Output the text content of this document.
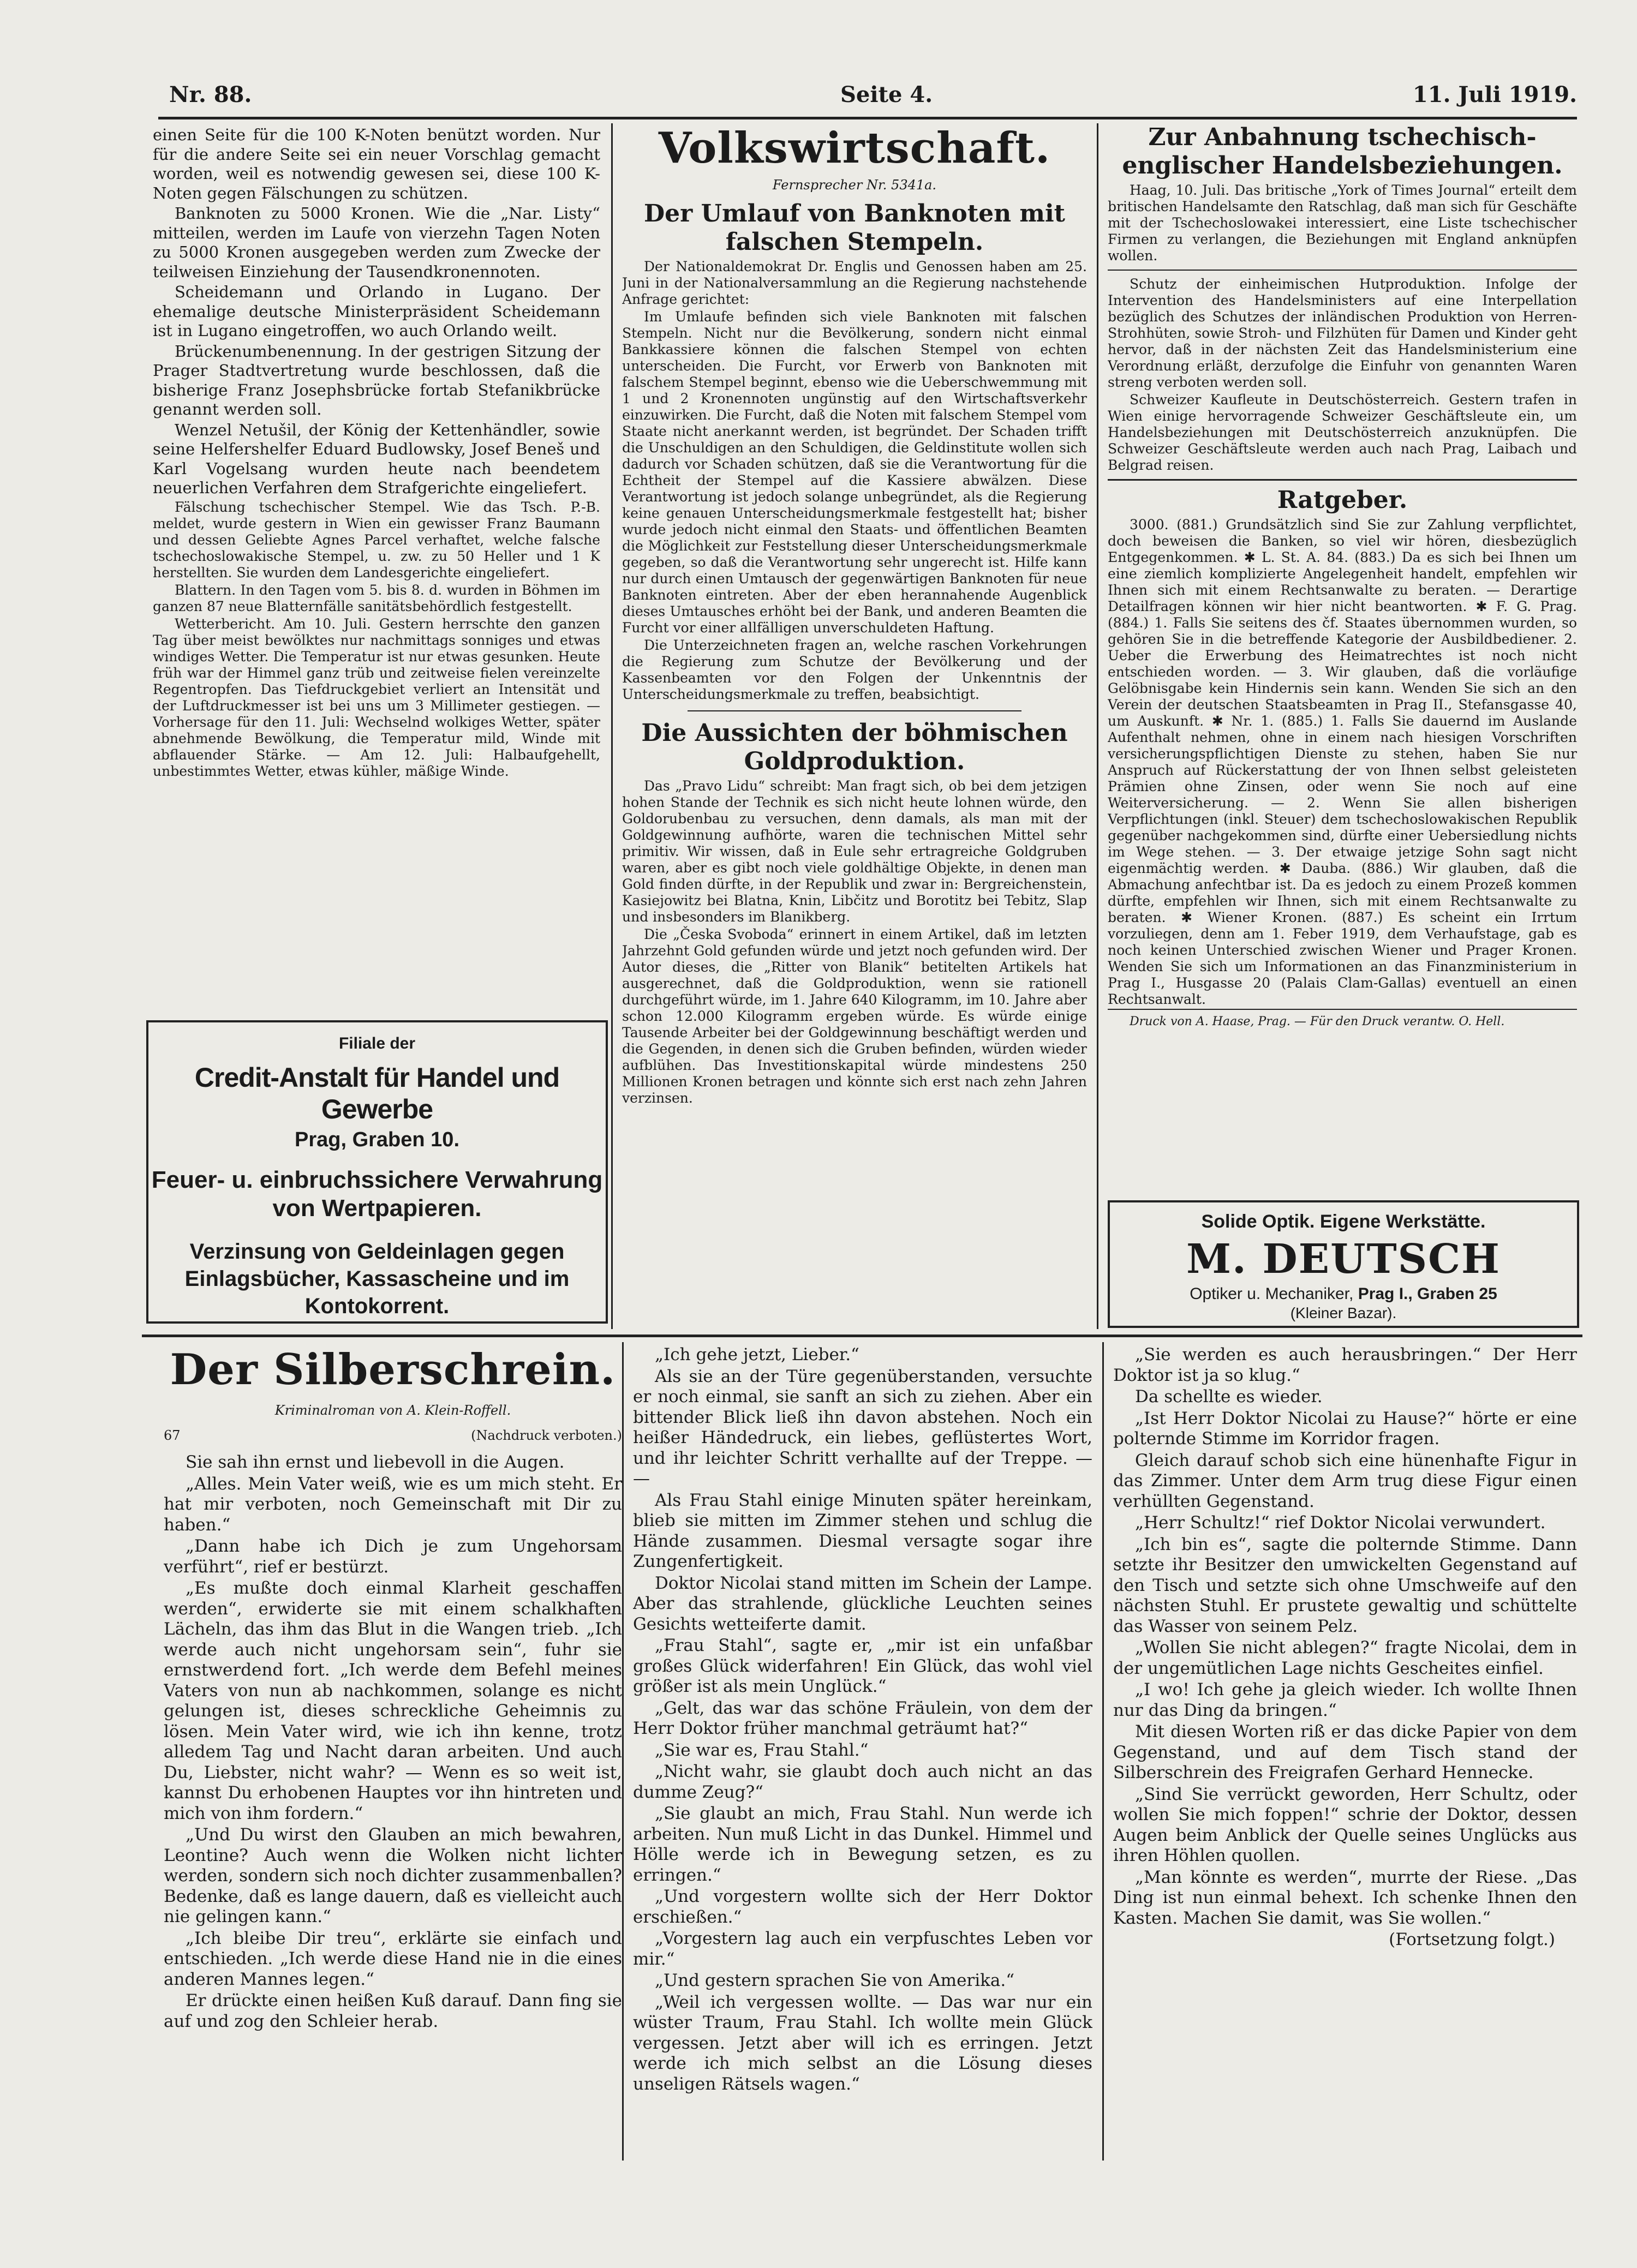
Nr. 88.	Seite 4.	11. Juli 1919.

einen Seite für die 100 K-Noten benützt worden. Nur für die andere Seite sei ein neuer Vorschlag gemacht worden, weil es notwendig gewesen sei, diese 100 K-Noten gegen Fälschungen zu schützen.

Banknoten zu 5000 Kronen. Wie die „Nar. Listy“ mitteilen, werden im Laufe von vierzehn Tagen Noten zu 5000 Kronen ausgegeben werden zum Zwecke der teilweisen Einziehung der Tausendkronennoten.

Scheidemann und Orlando in Lugano. Der ehemalige deutsche Ministerpräsident Scheidemann ist in Lugano eingetroffen, wo auch Orlando weilt.

Brückenumbenennung. In der gestrigen Sitzung der Prager Stadtvertretung wurde beschlossen, daß die bisherige Franz Josephsbrücke fortab Stefanikbrücke genannt werden soll.

Wenzel Netušil, der König der Kettenhändler, sowie seine Helfershelfer Eduard Budlowsky, Josef Beneš und Karl Vogelsang wurden heute nach beendetem neuerlichen Verfahren dem Strafgerichte eingeliefert.

Fälschung tschechischer Stempel. Wie das Tsch. P.-B. meldet, wurde gestern in Wien ein gewisser Franz Baumann und dessen Geliebte Agnes Parcel verhaftet, welche falsche tschechoslowakische Stempel, u. zw. zu 50 Heller und 1 K herstellten. Sie wurden dem Landesgerichte eingeliefert.

Blattern. In den Tagen vom 5. bis 8. d. wurden in Böhmen im ganzen 87 neue Blatternfälle sanitätsbehördlich festgestellt.

Wetterbericht. Am 10. Juli. Gestern herrschte den ganzen Tag über meist bewölktes nur nachmittags sonniges und etwas windiges Wetter. Die Temperatur ist nur etwas gesunken. Heute früh war der Himmel ganz trüb und zeitweise fielen vereinzelte Regentropfen. Das Tiefdruckgebiet verliert an Intensität und der Luftdruckmesser ist bei uns um 3 Millimeter gestiegen. — Vorhersage für den 11. Juli: Wechselnd wolkiges Wetter, später abnehmende Bewölkung, die Temperatur mild, Winde mit abflauender Stärke. — Am 12. Juli: Halbaufgehellt, unbestimmtes Wetter, etwas kühler, mäßige Winde.

Filiale der
Credit-Anstalt für Handel und Gewerbe
Prag, Graben 10.
Feuer- u. einbruchssichere Verwahrung von Wertpapieren.
Verzinsung von Geldeinlagen gegen Einlagsbücher, Kassascheine und im Kontokorrent.
Volkswirtschaft.
Fernsprecher Nr. 5341a.
Der Umlauf von Banknoten mit falschen Stempeln.

Der Nationaldemokrat Dr. Englis und Genossen haben am 25. Juni in der Nationalversammlung an die Regierung nachstehende Anfrage gerichtet:

Im Umlaufe befinden sich viele Banknoten mit falschen Stempeln. Nicht nur die Bevölkerung, sondern nicht einmal Bankkassiere können die falschen Stempel von echten unterscheiden. Die Furcht, vor Erwerb von Banknoten mit falschem Stempel beginnt, ebenso wie die Ueberschwemmung mit 1 und 2 Kronennoten ungünstig auf den Wirtschaftsverkehr einzuwirken. Die Furcht, daß die Noten mit falschem Stempel vom Staate nicht anerkannt werden, ist begründet. Der Schaden trifft die Unschuldigen an den Schuldigen, die Geldinstitute wollen sich dadurch vor Schaden schützen, daß sie die Verantwortung für die Echtheit der Stempel auf die Kassiere abwälzen. Diese Verantwortung ist jedoch solange unbegründet, als die Regierung keine genauen Unterscheidungsmerkmale festgestellt hat; bisher wurde jedoch nicht einmal den Staats- und öffentlichen Beamten die Möglichkeit zur Feststellung dieser Unterscheidungsmerkmale gegeben, so daß die Verantwortung sehr ungerecht ist. Hilfe kann nur durch einen Umtausch der gegenwärtigen Banknoten für neue Banknoten eintreten. Aber der eben herannahende Augenblick dieses Umtausches erhöht bei der Bank, und anderen Beamten die Furcht vor einer allfälligen unverschuldeten Haftung.

Die Unterzeichneten fragen an, welche raschen Vorkehrungen die Regierung zum Schutze der Bevölkerung und der Kassenbeamten vor den Folgen der Unkenntnis der Unterscheidungsmerkmale zu treffen, beabsichtigt.

Die Aussichten der böhmischen Goldproduktion.

Das „Pravo Lidu“ schreibt: Man fragt sich, ob bei dem jetzigen hohen Stande der Technik es sich nicht heute lohnen würde, den Goldorubenbau zu versuchen, denn damals, als man mit der Goldgewinnung aufhörte, waren die technischen Mittel sehr primitiv. Wir wissen, daß in Eule sehr ertragreiche Goldgruben waren, aber es gibt noch viele goldhältige Objekte, in denen man Gold finden dürfte, in der Republik und zwar in: Bergreichenstein, Kasiejowitz bei Blatna, Knin, Libčitz und Borotitz bei Tebitz, Slap und insbesonders im Blanikberg.

Die „Česka Svoboda“ erinnert in einem Artikel, daß im letzten Jahrzehnt Gold gefunden würde und jetzt noch gefunden wird. Der Autor dieses, die „Ritter von Blanik“ betitelten Artikels hat ausgerechnet, daß die Goldproduktion, wenn sie rationell durchgeführt würde, im 1. Jahre 640 Kilogramm, im 10. Jahre aber schon 12.000 Kilogramm ergeben würde. Es würde einige Tausende Arbeiter bei der Goldgewinnung beschäftigt werden und die Gegenden, in denen sich die Gruben befinden, würden wieder aufblühen. Das Investitionskapital würde mindestens 250 Millionen Kronen betragen und könnte sich erst nach zehn Jahren verzinsen.

Zur Anbahnung tschechisch-englischer Handelsbeziehungen.

Haag, 10. Juli. Das britische „York of Times Journal“ erteilt dem britischen Handelsamte den Ratschlag, daß man sich für Geschäfte mit der Tschechoslowakei interessiert, eine Liste tschechischer Firmen zu verlangen, die Beziehungen mit England anknüpfen wollen.

Schutz der einheimischen Hutproduktion. Infolge der Intervention des Handelsministers auf eine Interpellation bezüglich des Schutzes der inländischen Produktion von Herren-Strohhüten, sowie Stroh- und Filzhüten für Damen und Kinder geht hervor, daß in der nächsten Zeit das Handelsministerium eine Verordnung erläßt, derzufolge die Einfuhr von genannten Waren streng verboten werden soll.

Schweizer Kaufleute in Deutschösterreich. Gestern trafen in Wien einige hervorragende Schweizer Geschäftsleute ein, um Handelsbeziehungen mit Deutschösterreich anzuknüpfen. Die Schweizer Geschäftsleute werden auch nach Prag, Laibach und Belgrad reisen.

Ratgeber.

3000. (881.) Grundsätzlich sind Sie zur Zahlung verpflichtet, doch beweisen die Banken, so viel wir hören, diesbezüglich Entgegenkommen. ✱ L. St. A. 84. (883.) Da es sich bei Ihnen um eine ziemlich komplizierte Angelegenheit handelt, empfehlen wir Ihnen sich mit einem Rechtsanwalte zu beraten. — Derartige Detailfragen können wir hier nicht beantworten. ✱ F. G. Prag. (884.) 1. Falls Sie seitens des čf. Staates übernommen wurden, so gehören Sie in die betreffende Kategorie der Ausbildbediener. 2. Ueber die Erwerbung des Heimatrechtes ist noch nicht entschieden worden. — 3. Wir glauben, daß die vorläufige Gelöbnisgabe kein Hindernis sein kann. Wenden Sie sich an den Verein der deutschen Staatsbeamten in Prag II., Stefansgasse 40, um Auskunft. ✱ Nr. 1. (885.) 1. Falls Sie dauernd im Auslande Aufenthalt nehmen, ohne in einem nach hiesigen Vorschriften versicherungspflichtigen Dienste zu stehen, haben Sie nur Anspruch auf Rückerstattung der von Ihnen selbst geleisteten Prämien ohne Zinsen, oder wenn Sie noch auf eine Weiterversicherung. — 2. Wenn Sie allen bisherigen Verpflichtungen (inkl. Steuer) dem tschechoslowakischen Republik gegenüber nachgekommen sind, dürfte einer Uebersiedlung nichts im Wege stehen. — 3. Der etwaige jetzige Sohn sagt nicht eigenmächtig werden. ✱ Dauba. (886.) Wir glauben, daß die Abmachung anfechtbar ist. Da es jedoch zu einem Prozeß kommen dürfte, empfehlen wir Ihnen, sich mit einem Rechtsanwalte zu beraten. ✱ Wiener Kronen. (887.) Es scheint ein Irrtum vorzuliegen, denn am 1. Feber 1919, dem Verhaufstage, gab es noch keinen Unterschied zwischen Wiener und Prager Kronen. Wenden Sie sich um Informationen an das Finanzministerium in Prag I., Husgasse 20 (Palais Clam-Gallas) eventuell an einen Rechtsanwalt.

Druck von A. Haase, Prag. — Für den Druck verantw. O. Hell.

Solide Optik. Eigene Werkstätte.
M. DEUTSCH
Optiker u. Mechaniker, Prag I., Graben 25
(Kleiner Bazar).
Der Silberschrein.
Kriminalroman von A. Klein-Roffell.
67	(Nachdruck verboten.)

Sie sah ihn ernst und liebevoll in die Augen.

„Alles. Mein Vater weiß, wie es um mich steht. Er hat mir verboten, noch Gemeinschaft mit Dir zu haben.“

„Dann habe ich Dich je zum Ungehorsam verführt“, rief er bestürzt.

„Es mußte doch einmal Klarheit geschaffen werden“, erwiderte sie mit einem schalkhaften Lächeln, das ihm das Blut in die Wangen trieb. „Ich werde auch nicht ungehorsam sein“, fuhr sie ernstwerdend fort. „Ich werde dem Befehl meines Vaters von nun ab nachkommen, solange es nicht gelungen ist, dieses schreckliche Geheimnis zu lösen. Mein Vater wird, wie ich ihn kenne, trotz alledem Tag und Nacht daran arbeiten. Und auch Du, Liebster, nicht wahr? — Wenn es so weit ist, kannst Du erhobenen Hauptes vor ihn hintreten und mich von ihm fordern.“

„Und Du wirst den Glauben an mich bewahren, Leontine? Auch wenn die Wolken nicht lichter werden, sondern sich noch dichter zusammenballen? Bedenke, daß es lange dauern, daß es vielleicht auch nie gelingen kann.“

„Ich bleibe Dir treu“, erklärte sie einfach und entschieden. „Ich werde diese Hand nie in die eines anderen Mannes legen.“

Er drückte einen heißen Kuß darauf. Dann fing sie auf und zog den Schleier herab.

„Ich gehe jetzt, Lieber.“

Als sie an der Türe gegenüberstanden, versuchte er noch einmal, sie sanft an sich zu ziehen. Aber ein bittender Blick ließ ihn davon abstehen. Noch ein heißer Händedruck, ein liebes, geflüstertes Wort, und ihr leichter Schritt verhallte auf der Treppe. — —

Als Frau Stahl einige Minuten später hereinkam, blieb sie mitten im Zimmer stehen und schlug die Hände zusammen. Diesmal versagte sogar ihre Zungenfertigkeit.

Doktor Nicolai stand mitten im Schein der Lampe. Aber das strahlende, glückliche Leuchten seines Gesichts wetteiferte damit.

„Frau Stahl“, sagte er, „mir ist ein unfaßbar großes Glück widerfahren! Ein Glück, das wohl viel größer ist als mein Unglück.“

„Gelt, das war das schöne Fräulein, von dem der Herr Doktor früher manchmal geträumt hat?“

„Sie war es, Frau Stahl.“

„Nicht wahr, sie glaubt doch auch nicht an das dumme Zeug?“

„Sie glaubt an mich, Frau Stahl. Nun werde ich arbeiten. Nun muß Licht in das Dunkel. Himmel und Hölle werde ich in Bewegung setzen, es zu erringen.“

„Und vorgestern wollte sich der Herr Doktor erschießen.“

„Vorgestern lag auch ein verpfuschtes Leben vor mir.“

„Und gestern sprachen Sie von Amerika.“

„Weil ich vergessen wollte. — Das war nur ein wüster Traum, Frau Stahl. Ich wollte mein Glück vergessen. Jetzt aber will ich es erringen. Jetzt werde ich mich selbst an die Lösung dieses unseligen Rätsels wagen.“

„Sie werden es auch herausbringen.“ Der Herr Doktor ist ja so klug.“

Da schellte es wieder.

„Ist Herr Doktor Nicolai zu Hause?“ hörte er eine polternde Stimme im Korridor fragen.

Gleich darauf schob sich eine hünenhafte Figur in das Zimmer. Unter dem Arm trug diese Figur einen verhüllten Gegenstand.

„Herr Schultz!“ rief Doktor Nicolai verwundert.

„Ich bin es“, sagte die polternde Stimme. Dann setzte ihr Besitzer den umwickelten Gegenstand auf den Tisch und setzte sich ohne Umschweife auf den nächsten Stuhl. Er prustete gewaltig und schüttelte das Wasser von seinem Pelz.

„Wollen Sie nicht ablegen?“ fragte Nicolai, dem in der ungemütlichen Lage nichts Gescheites einfiel.

„I wo! Ich gehe ja gleich wieder. Ich wollte Ihnen nur das Ding da bringen.“

Mit diesen Worten riß er das dicke Papier von dem Gegenstand, und auf dem Tisch stand der Silberschrein des Freigrafen Gerhard Hennecke.

„Sind Sie verrückt geworden, Herr Schultz, oder wollen Sie mich foppen!“ schrie der Doktor, dessen Augen beim Anblick der Quelle seines Unglücks aus ihren Höhlen quollen.

„Man könnte es werden“, murrte der Riese. „Das Ding ist nun einmal behext. Ich schenke Ihnen den Kasten. Machen Sie damit, was Sie wollen.“

(Fortsetzung folgt.)
